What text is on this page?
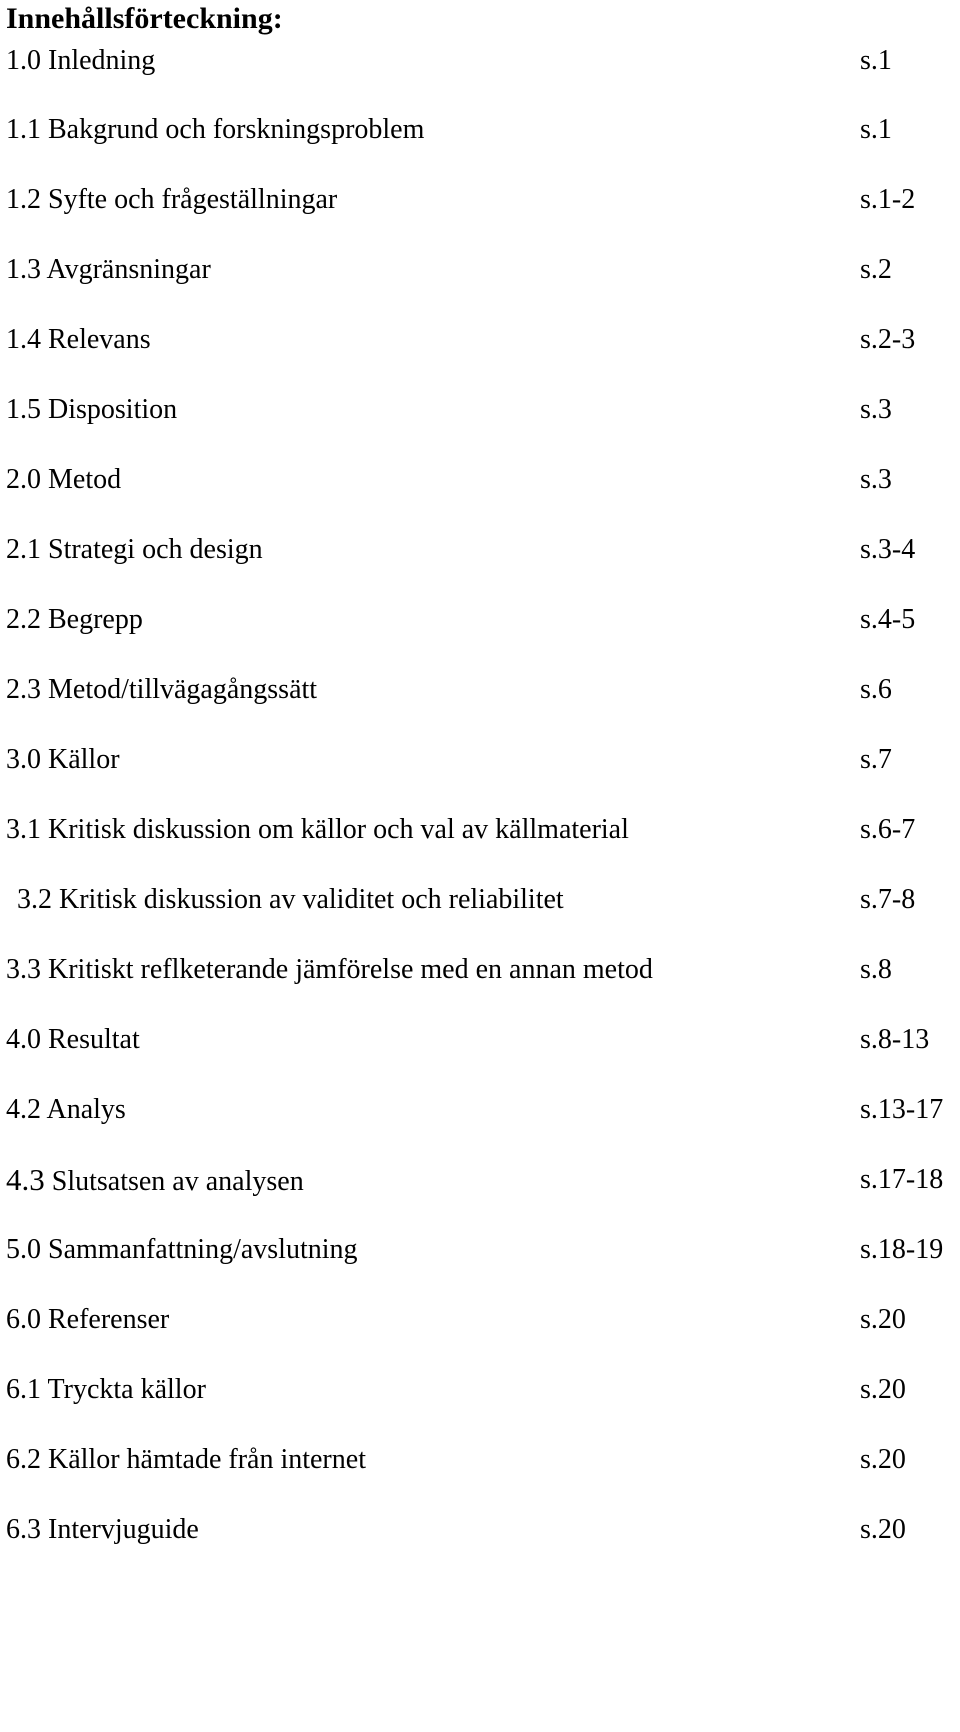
Innehållsförteckning:
1.0 Inledning	s.1
1.1 Bakgrund och forskningsproblem	s.1
1.2 Syfte och frågeställningar	s.1-2
1.3 Avgränsningar	s.2
1.4 Relevans	s.2-3
1.5 Disposition	s.3
2.0 Metod	s.3
2.1 Strategi och design	s.3-4
2.2 Begrepp	s.4-5
2.3 Metod/tillvägagångssätt	s.6
3.0 Källor	s.7
3.1 Kritisk diskussion om källor och val av källmaterial	s.6-7
3.2 Kritisk diskussion av validitet och reliabilitet	s.7-8
3.3 Kritiskt reflketerande jämförelse med en annan metod	s.8
4.0 Resultat	s.8-13
4.2 Analys	s.13-17
4.3 Slutsatsen av analysen	s.17-18
5.0 Sammanfattning/avslutning	s.18-19
6.0 Referenser	s.20
6.1 Tryckta källor	s.20
6.2 Källor hämtade från internet	s.20
6.3 Intervjuguide	s.20
